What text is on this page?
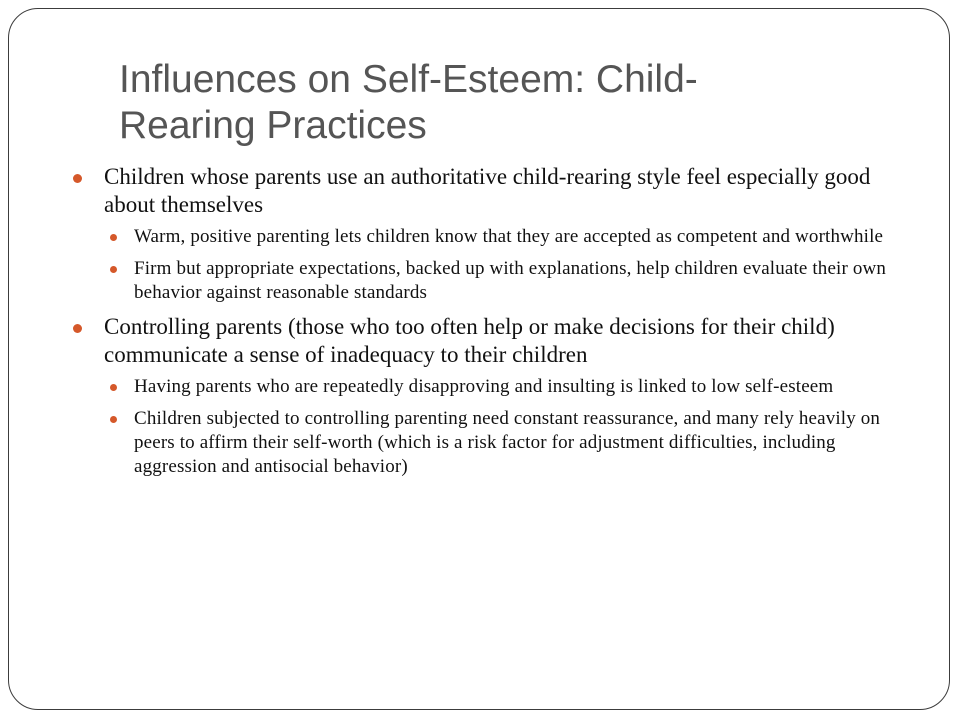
Influences on Self-Esteem: Child-Rearing Practices
Children whose parents use an authoritative child-rearing style feel especially good about themselves
Warm, positive parenting lets children know that they are accepted as competent and worthwhile
Firm but appropriate expectations, backed up with explanations, help children evaluate their own behavior against reasonable standards
Controlling parents (those who too often help or make decisions for their child) communicate a sense of inadequacy to their children
Having parents who are repeatedly disapproving and insulting is linked to low self-esteem
Children subjected to controlling parenting need constant reassurance, and many rely heavily on peers to affirm their self-worth (which is a risk factor for adjustment difficulties, including aggression and antisocial behavior)
